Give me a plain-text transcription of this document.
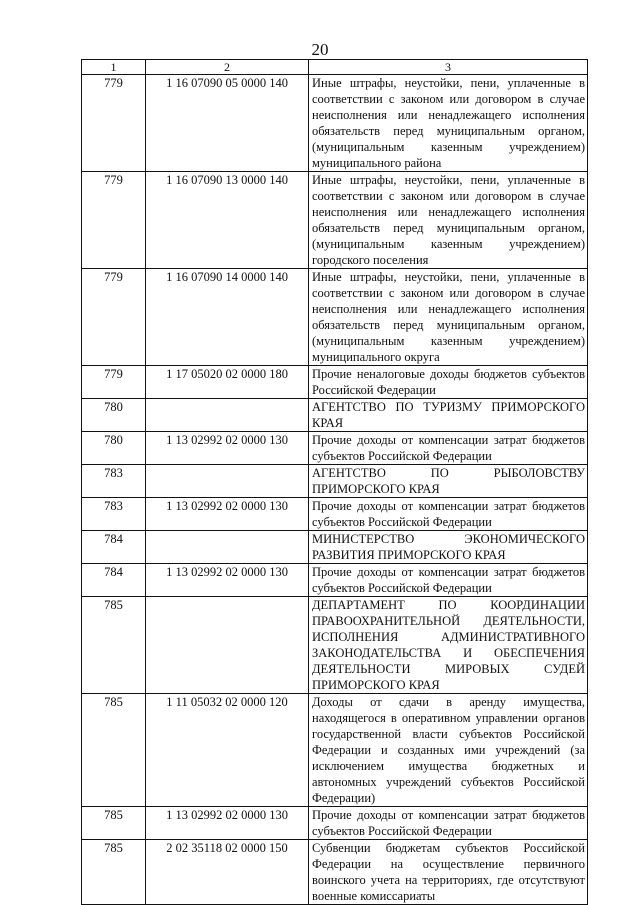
20
1	2	3
779	1 16 07090 05 0000 140	Иные штрафы, неустойки, пени, уплаченные в соответствии с законом или договором в случае неисполнения или ненадлежащего исполнения обязательств перед муниципальным органом, (муниципальным казенным учреждением) муниципального района
779	1 16 07090 13 0000 140	Иные штрафы, неустойки, пени, уплаченные в соответствии с законом или договором в случае неисполнения или ненадлежащего исполнения обязательств перед муниципальным органом, (муниципальным казенным учреждением) городского поселения
779	1 16 07090 14 0000 140	Иные штрафы, неустойки, пени, уплаченные в соответствии с законом или договором в случае неисполнения или ненадлежащего исполнения обязательств перед муниципальным органом, (муниципальным казенным учреждением) муниципального округа
779	1 17 05020 02 0000 180	Прочие неналоговые доходы бюджетов субъектов Российской Федерации
780		АГЕНТСТВО ПО ТУРИЗМУ ПРИМОРСКОГО КРАЯ
780	1 13 02992 02 0000 130	Прочие доходы от компенсации затрат бюджетов субъектов Российской Федерации
783		АГЕНТСТВО ПО РЫБОЛОВСТВУ ПРИМОРСКОГО КРАЯ
783	1 13 02992 02 0000 130	Прочие доходы от компенсации затрат бюджетов субъектов Российской Федерации
784		МИНИСТЕРСТВО ЭКОНОМИЧЕСКОГО РАЗВИТИЯ ПРИМОРСКОГО КРАЯ
784	1 13 02992 02 0000 130	Прочие доходы от компенсации затрат бюджетов субъектов Российской Федерации
785		ДЕПАРТАМЕНТ ПО КООРДИНАЦИИ ПРАВООХРАНИТЕЛЬНОЙ ДЕЯТЕЛЬНОСТИ, ИСПОЛНЕНИЯ АДМИНИСТРАТИВНОГО ЗАКОНОДАТЕЛЬСТВА И ОБЕСПЕЧЕНИЯ ДЕЯТЕЛЬНОСТИ МИРОВЫХ СУДЕЙ ПРИМОРСКОГО КРАЯ
785	1 11 05032 02 0000 120	Доходы от сдачи в аренду имущества, находящегося в оперативном управлении органов государственной власти субъектов Российской Федерации и созданных ими учреждений (за исключением имущества бюджетных и автономных учреждений субъектов Российской Федерации)
785	1 13 02992 02 0000 130	Прочие доходы от компенсации затрат бюджетов субъектов Российской Федерации
785	2 02 35118 02 0000 150	Субвенции бюджетам субъектов Российской Федерации на осуществление первичного воинского учета на территориях, где отсутствуют военные комиссариаты
